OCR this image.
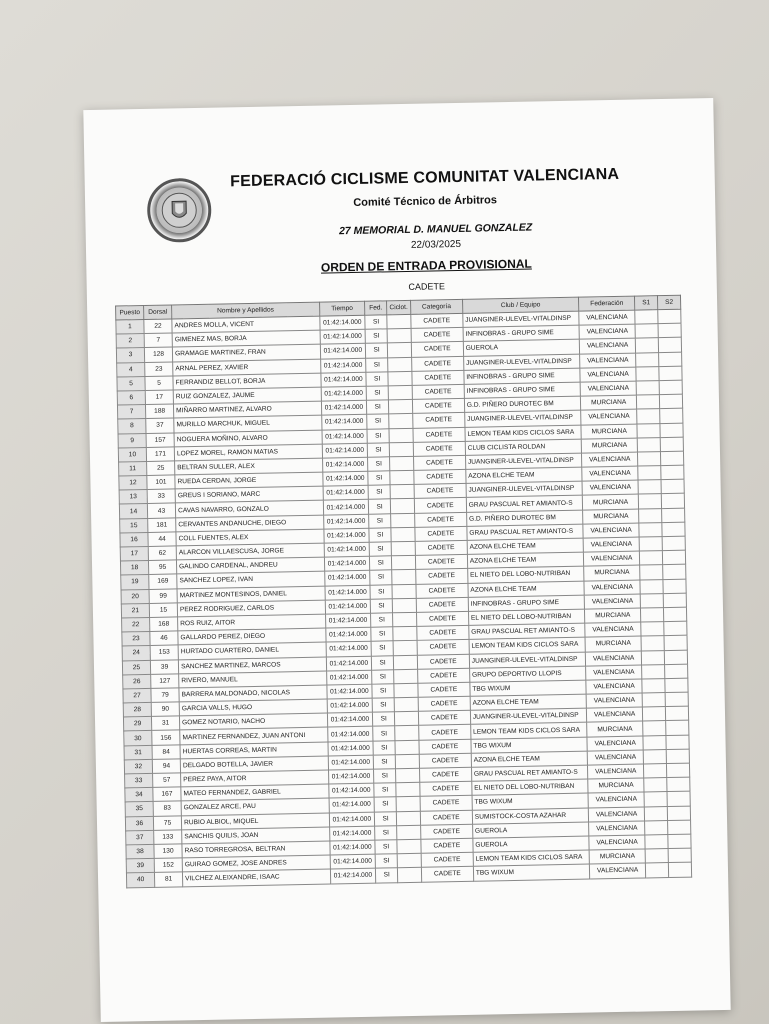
FEDERACIÓ CICLISME COMUNITAT VALENCIANA
Comité Técnico de Árbitros
27 MEMORIAL D. MANUEL GONZALEZ
22/03/2025
ORDEN DE ENTRADA PROVISIONAL
CADETE
Puesto	Dorsal	Nombre y Apellidos	Tiempo	Fed.	Ciclot.	Categoría	Club / Equipo	Federación	S1	S2
1	22	ANDRES MOLLA, VICENT	01:42:14.000	SI		CADETE	JUANGINER-ULEVEL-VITALDINSP	VALENCIANA		
2	7	GIMENEZ MAS, BORJA	01:42:14.000	SI		CADETE	INFINOBRAS - GRUPO SIME	VALENCIANA		
3	128	GRAMAGE MARTINEZ, FRAN	01:42:14.000	SI		CADETE	GUEROLA	VALENCIANA		
4	23	ARNAL PEREZ, XAVIER	01:42:14.000	SI		CADETE	JUANGINER-ULEVEL-VITALDINSP	VALENCIANA		
5	5	FERRANDIZ BELLOT, BORJA	01:42:14.000	SI		CADETE	INFINOBRAS - GRUPO SIME	VALENCIANA		
6	17	RUIZ GONZALEZ, JAUME	01:42:14.000	SI		CADETE	INFINOBRAS - GRUPO SIME	VALENCIANA		
7	188	MIÑARRO MARTINEZ, ALVARO	01:42:14.000	SI		CADETE	G.D. PIÑERO DUROTEC BM	MURCIANA		
8	37	MURILLO MARCHUK, MIGUEL	01:42:14.000	SI		CADETE	JUANGINER-ULEVEL-VITALDINSP	VALENCIANA		
9	157	NOGUERA MOÑINO, ALVARO	01:42:14.000	SI		CADETE	LEMON TEAM KIDS CICLOS SARA	MURCIANA		
10	171	LOPEZ MOREL, RAMON MATIAS	01:42:14.000	SI		CADETE	CLUB CICLISTA ROLDAN	MURCIANA		
11	25	BELTRAN SULLER, ALEX	01:42:14.000	SI		CADETE	JUANGINER-ULEVEL-VITALDINSP	VALENCIANA		
12	101	RUEDA CERDAN, JORGE	01:42:14.000	SI		CADETE	AZONA ELCHE TEAM	VALENCIANA		
13	33	GREUS I SORIANO, MARC	01:42:14.000	SI		CADETE	JUANGINER-ULEVEL-VITALDINSP	VALENCIANA		
14	43	CAVAS NAVARRO, GONZALO	01:42:14.000	SI		CADETE	GRAU PASCUAL RET AMIANTO-S	MURCIANA		
15	181	CERVANTES ANDANUCHE, DIEGO	01:42:14.000	SI		CADETE	G.D. PIÑERO DUROTEC BM	MURCIANA		
16	44	COLL FUENTES, ALEX	01:42:14.000	SI		CADETE	GRAU PASCUAL RET AMIANTO-S	VALENCIANA		
17	62	ALARCON VILLAESCUSA, JORGE	01:42:14.000	SI		CADETE	AZONA ELCHE TEAM	VALENCIANA		
18	95	GALINDO CARDENAL, ANDREU	01:42:14.000	SI		CADETE	AZONA ELCHE TEAM	VALENCIANA		
19	169	SANCHEZ LOPEZ, IVAN	01:42:14.000	SI		CADETE	EL NIETO DEL LOBO-NUTRIBAN	MURCIANA		
20	99	MARTINEZ MONTESINOS, DANIEL	01:42:14.000	SI		CADETE	AZONA ELCHE TEAM	VALENCIANA		
21	15	PEREZ RODRIGUEZ, CARLOS	01:42:14.000	SI		CADETE	INFINOBRAS - GRUPO SIME	VALENCIANA		
22	168	ROS RUIZ, AITOR	01:42:14.000	SI		CADETE	EL NIETO DEL LOBO-NUTRIBAN	MURCIANA		
23	46	GALLARDO PEREZ, DIEGO	01:42:14.000	SI		CADETE	GRAU PASCUAL RET AMIANTO-S	VALENCIANA		
24	153	HURTADO CUARTERO, DANIEL	01:42:14.000	SI		CADETE	LEMON TEAM KIDS CICLOS SARA	MURCIANA		
25	39	SANCHEZ MARTINEZ, MARCOS	01:42:14.000	SI		CADETE	JUANGINER-ULEVEL-VITALDINSP	VALENCIANA		
26	127	RIVERO, MANUEL	01:42:14.000	SI		CADETE	GRUPO DEPORTIVO LLOPIS	VALENCIANA		
27	79	BARRERA MALDONADO, NICOLAS	01:42:14.000	SI		CADETE	TBG WIXUM	VALENCIANA		
28	90	GARCIA VALLS, HUGO	01:42:14.000	SI		CADETE	AZONA ELCHE TEAM	VALENCIANA		
29	31	GOMEZ NOTARIO, NACHO	01:42:14.000	SI		CADETE	JUANGINER-ULEVEL-VITALDINSP	VALENCIANA		
30	156	MARTINEZ FERNANDEZ, JUAN ANTONI	01:42:14.000	SI		CADETE	LEMON TEAM KIDS CICLOS SARA	MURCIANA		
31	84	HUERTAS CORREAS, MARTIN	01:42:14.000	SI		CADETE	TBG WIXUM	VALENCIANA		
32	94	DELGADO BOTELLA, JAVIER	01:42:14.000	SI		CADETE	AZONA ELCHE TEAM	VALENCIANA		
33	57	PEREZ PAYA, AITOR	01:42:14.000	SI		CADETE	GRAU PASCUAL RET AMIANTO-S	VALENCIANA		
34	167	MATEO FERNANDEZ, GABRIEL	01:42:14.000	SI		CADETE	EL NIETO DEL LOBO-NUTRIBAN	MURCIANA		
35	83	GONZALEZ ARCE, PAU	01:42:14.000	SI		CADETE	TBG WIXUM	VALENCIANA		
36	75	RUBIO ALBIOL, MIQUEL	01:42:14.000	SI		CADETE	SUMISTOCK-COSTA AZAHAR	VALENCIANA		
37	133	SANCHIS QUILIS, JOAN	01:42:14.000	SI		CADETE	GUEROLA	VALENCIANA		
38	130	RASO TORREGROSA, BELTRAN	01:42:14.000	SI		CADETE	GUEROLA	VALENCIANA		
39	152	GUIRAO GOMEZ, JOSE ANDRES	01:42:14.000	SI		CADETE	LEMON TEAM KIDS CICLOS SARA	MURCIANA		
40	81	VILCHEZ ALEIXANDRE, ISAAC	01:42:14.000	SI		CADETE	TBG WIXUM	VALENCIANA		
